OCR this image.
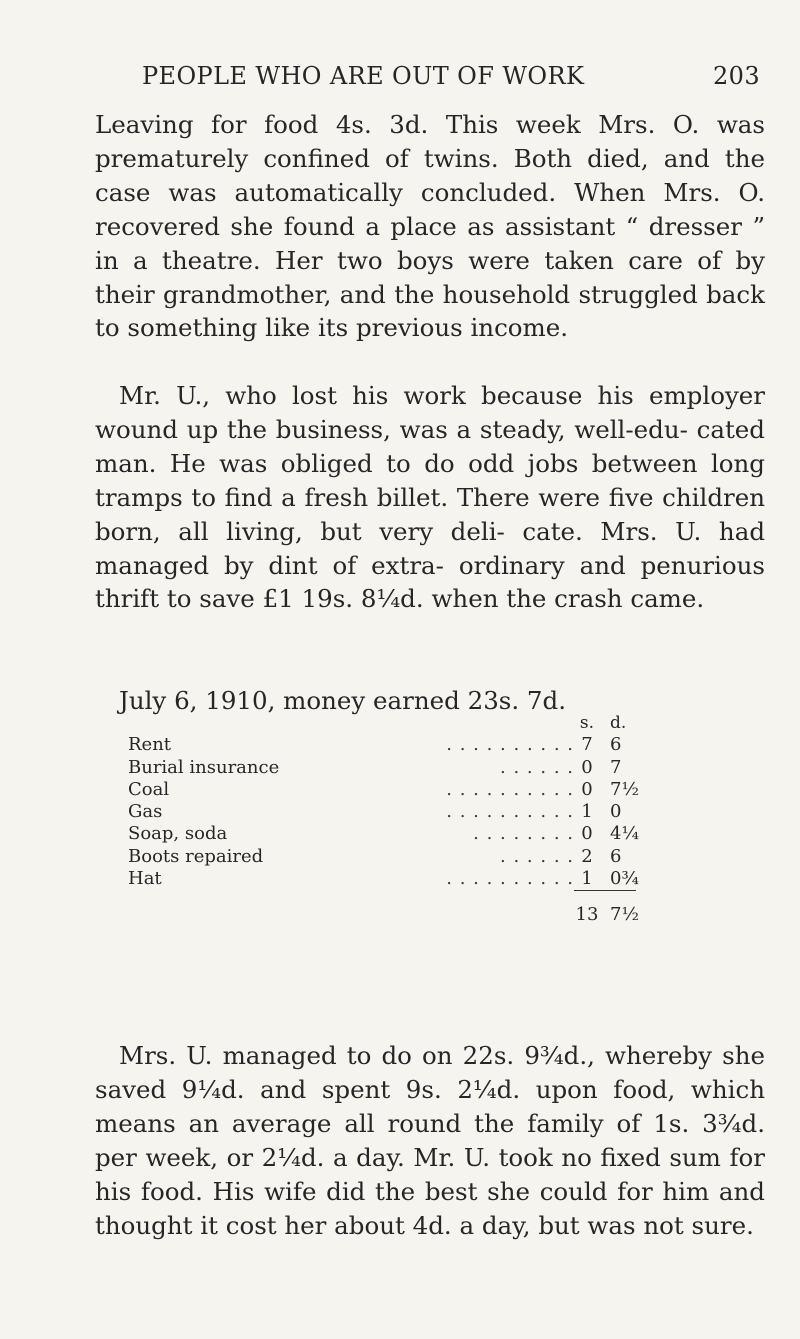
PEOPLE WHO ARE OUT OF WORK	203

Leaving for food 4s. 3d. This week Mrs. O. was prematurely confined of twins. Both died, and the case was automatically concluded. When Mrs. O. recovered she found a place as assistant “ dresser ” in a theatre. Her two boys were taken care of by their grandmother, and the household struggled back to something like its previous income.

Mr. U., who lost his work because his employer wound up the business, was a steady, well-edu- cated man. He was obliged to do odd jobs between long tramps to find a fresh billet. There were five children born, all living, but very deli- cate. Mrs. U. had managed by dint of extra- ordinary and penurious thrift to save £1 19s. 8¼d. when the crash came.

July 6, 1910, money earned 23s. 7d.

s. d.
Rent	. . . . . . . . . . 7 6
Burial insurance	. . . . . . 0 7
Coal	. . . . . . . . . . 0 7½
Gas	. . . . . . . . . . 1 0
Soap, soda	. . . . . . . . 0 4¼
Boots repaired	. . . . . . 2 6
Hat	. . . . . . . . . . 1 0¾
13 7½

Mrs. U. managed to do on 22s. 9¾d., whereby she saved 9¼d. and spent 9s. 2¼d. upon food, which means an average all round the family of 1s. 3¾d. per week, or 2¼d. a day. Mr. U. took no fixed sum for his food. His wife did the best she could for him and thought it cost her about 4d. a day, but was not sure.
